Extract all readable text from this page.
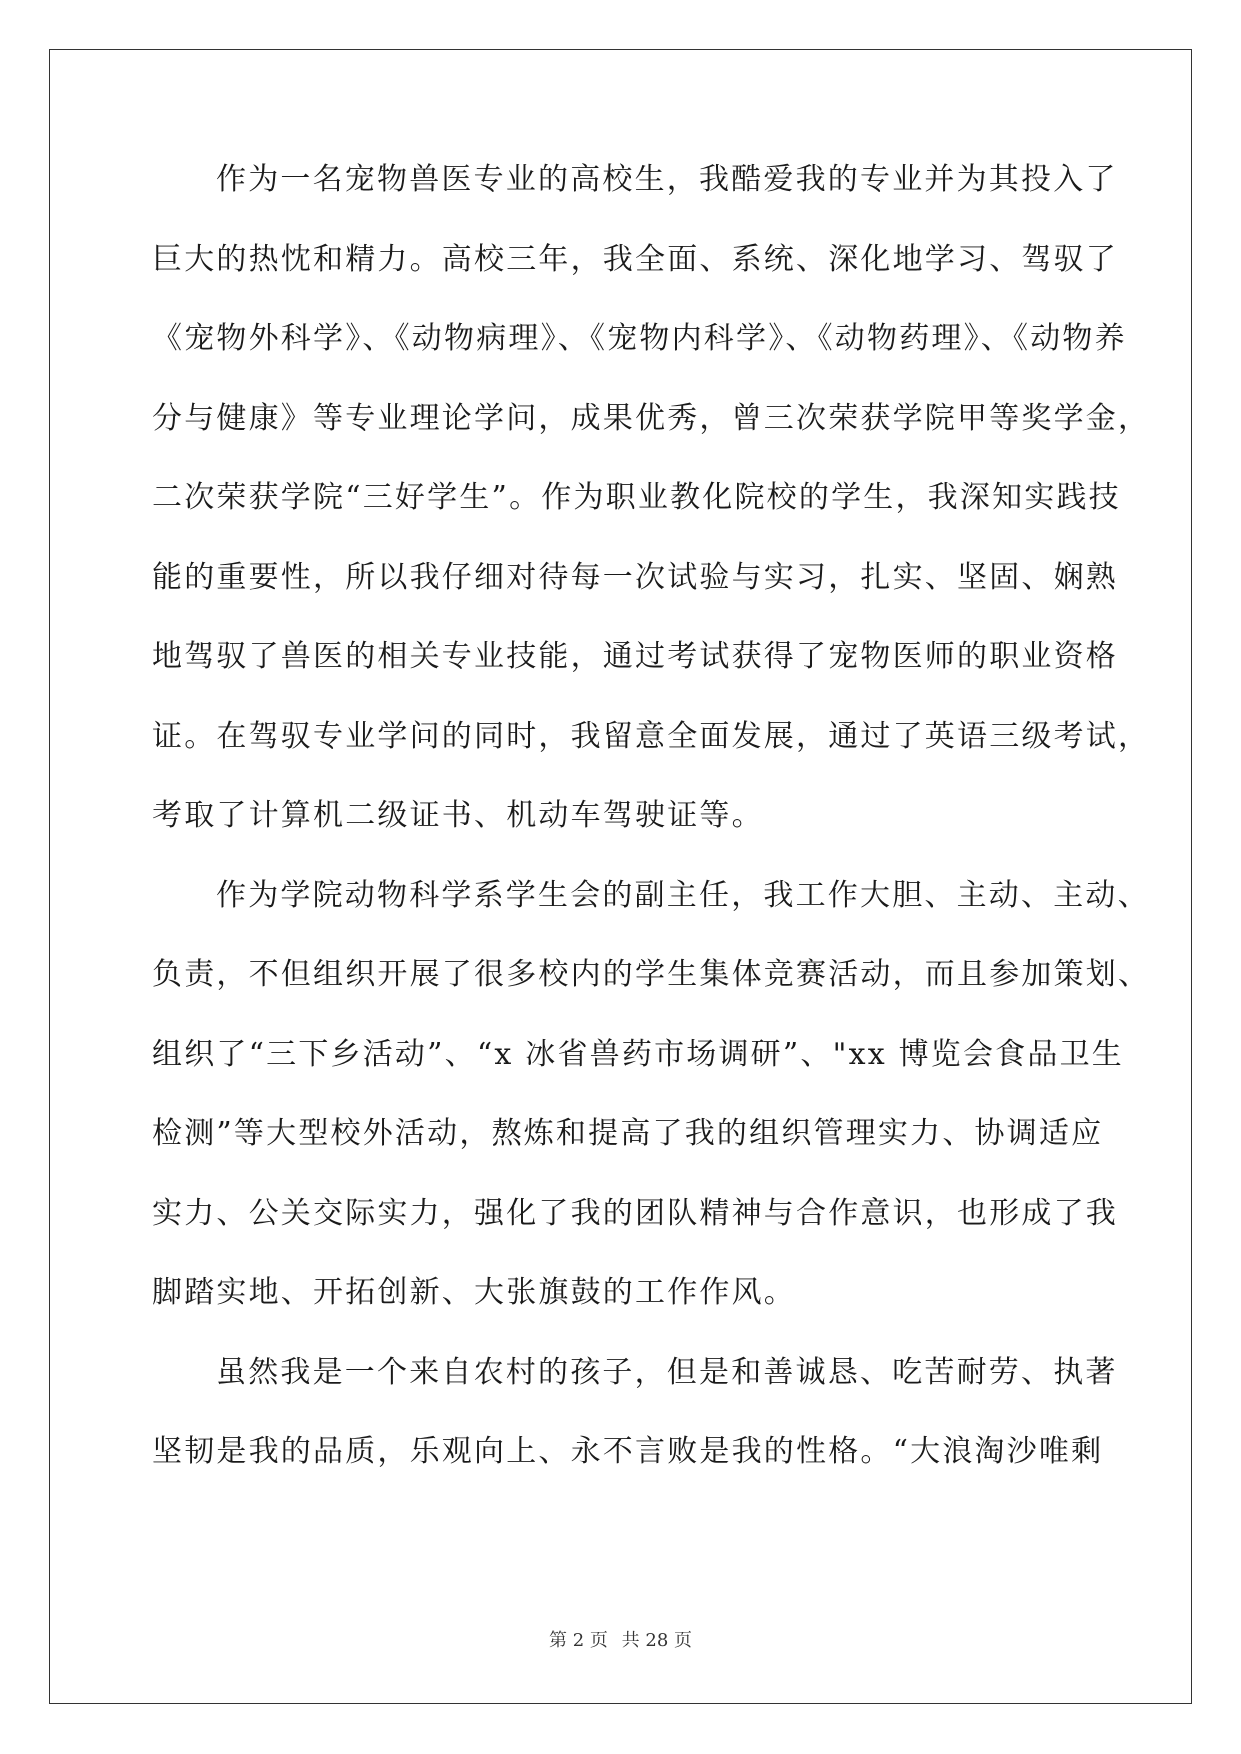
作为一名宠物兽医专业的高校生，我酷爱我的专业并为其投入了
巨大的热忱和精力。高校三年，我全面、系统、深化地学习、驾驭了
《宠物外科学》、《动物病理》、《宠物内科学》、《动物药理》、《动物养
分与健康》等专业理论学问，成果优秀，曾三次荣获学院甲等奖学金，
二次荣获学院“三好学生”。作为职业教化院校的学生，我深知实践技
能的重要性，所以我仔细对待每一次试验与实习，扎实、坚固、娴熟
地驾驭了兽医的相关专业技能，通过考试获得了宠物医师的职业资格
证。在驾驭专业学问的同时，我留意全面发展，通过了英语三级考试，
考取了计算机二级证书、机动车驾驶证等。
作为学院动物科学系学生会的副主任，我工作大胆、主动、主动、
负责，不但组织开展了很多校内的学生集体竞赛活动，而且参加策划、
组织了“三下乡活动”、“x 冰省兽药市场调研”、"xx 博览会食品卫生
检测”等大型校外活动，熬炼和提高了我的组织管理实力、协调适应
实力、公关交际实力，强化了我的团队精神与合作意识，也形成了我
脚踏实地、开拓创新、大张旗鼓的工作作风。
虽然我是一个来自农村的孩子，但是和善诚恳、吃苦耐劳、执著
坚韧是我的品质，乐观向上、永不言败是我的性格。“大浪淘沙唯剩
第 2 页 共 28 页
